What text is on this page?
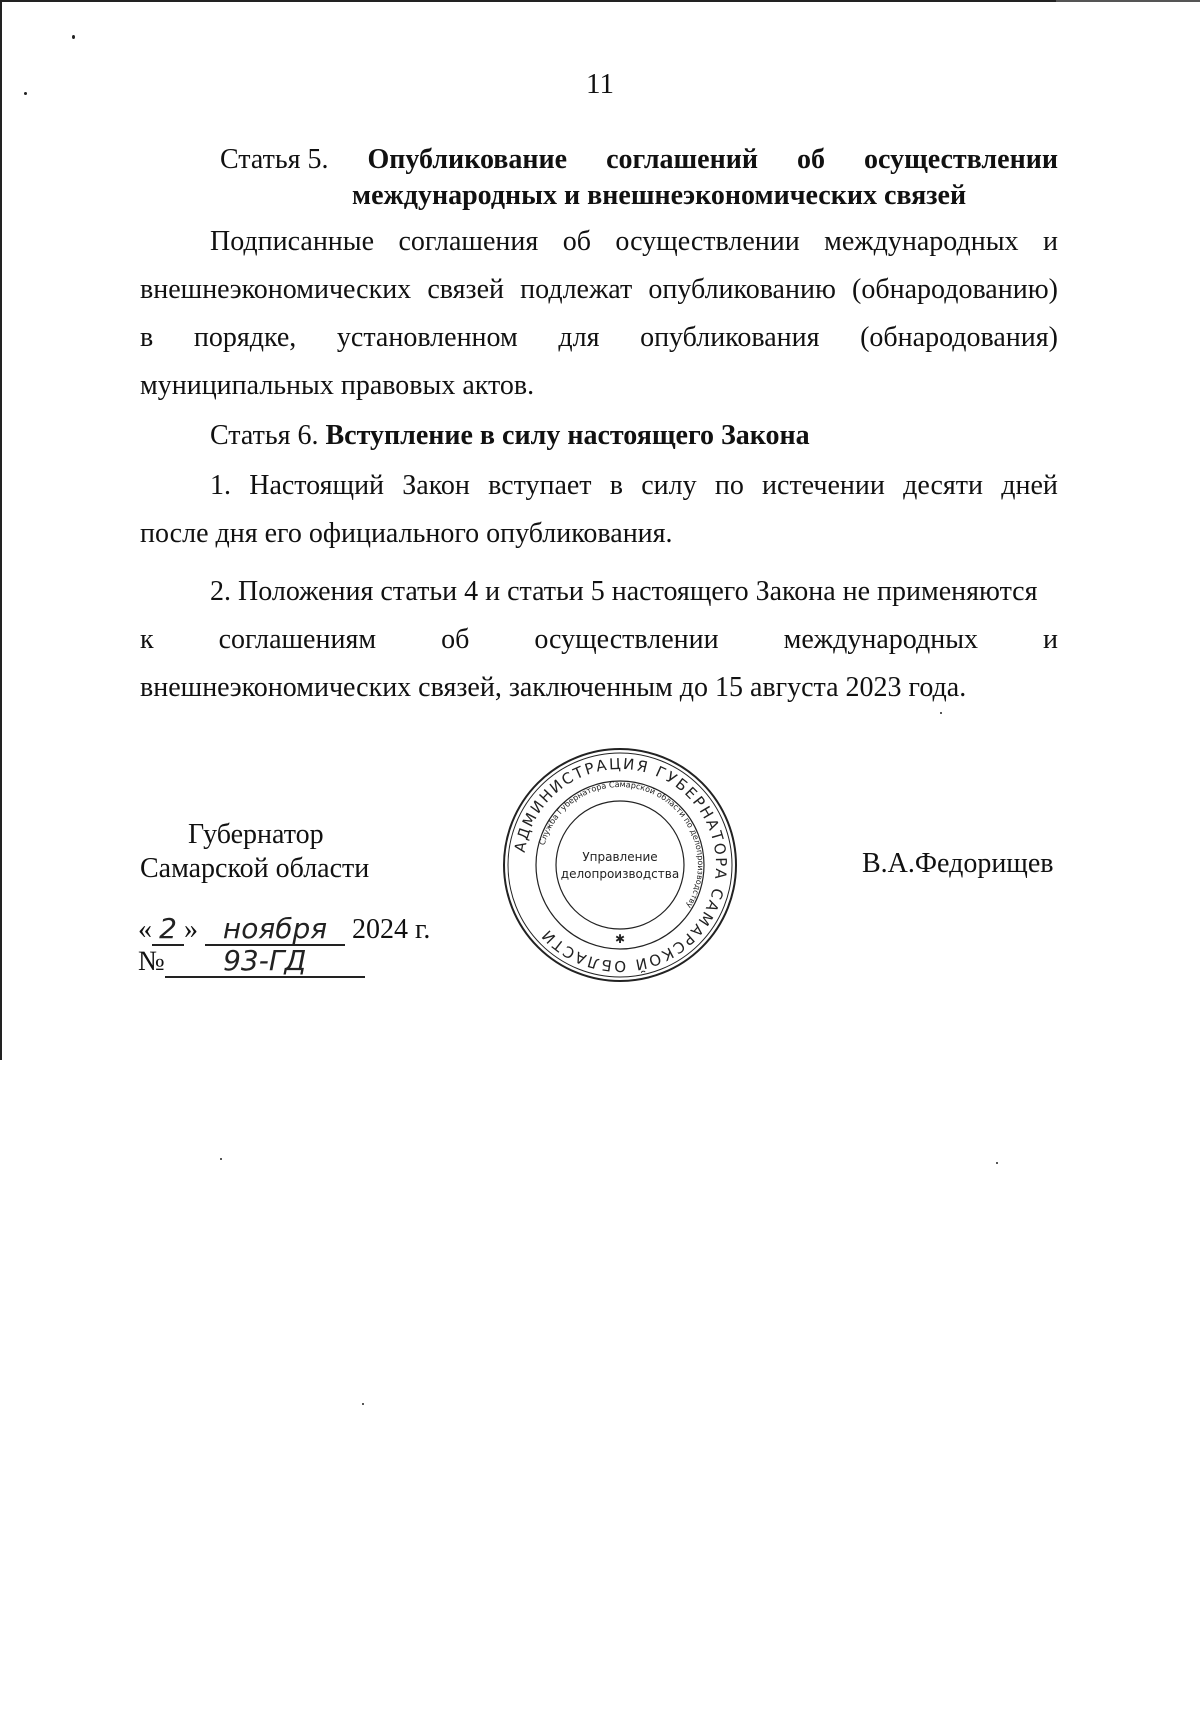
11
Статья 5. Опубликование соглашений об осуществлении
международных и внешнеэкономических связей
Подписанные соглашения об осуществлении международных и
внешнеэкономических связей подлежат опубликованию (обнародованию)
в порядке, установленном для опубликования (обнародования)
муниципальных правовых актов.
Статья 6. Вступление в силу настоящего Закона
1. Настоящий Закон вступает в силу по истечении десяти дней
после дня его официального опубликования.
2. Положения статьи 4 и статьи 5 настоящего Закона не применяются
к соглашениям об осуществлении международных и
внешнеэкономических связей, заключенным до 15 августа 2023 года.
Губернатор
Самарской области	В.А.Федорищев
« 2 » ноября 2024 г.
№ 93-ГД
АДМИНИСТРАЦИЯ ГУБЕРНАТОРА САМАРСКОЙ ОБЛАСТИ
Служба Губернатора Самарской области по делопроизводству
Управление
делопроизводства
✱
